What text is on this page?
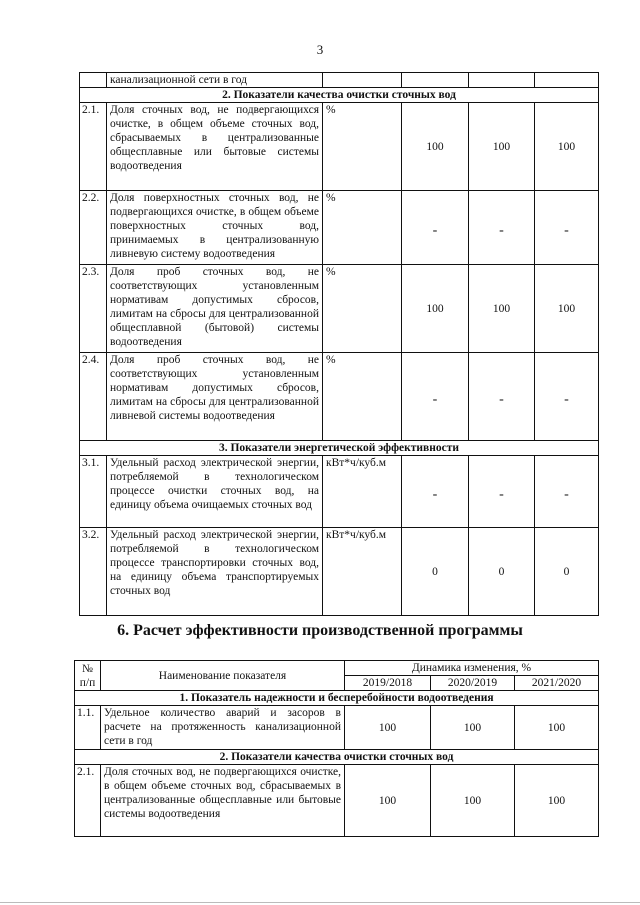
3
	канализационной сети в год				
2. Показатели качества очистки сточных вод					
2.1.	Доля сточных вод, не подвергающихся очистке, в общем объеме сточных вод, сбрасываемых в централизованные общесплавные или бытовые системы водоотведения	%	100	100	100
2.2.	Доля поверхностных сточных вод, не подвергающихся очистке, в общем объеме поверхностных сточных вод, принимаемых в централизованную ливневую систему водоотведения	%	-	-	-
2.3.	Доля проб сточных вод, не соответствующих установленным нормативам допустимых сбросов, лимитам на сбросы для централизованной общесплавной (бытовой) системы водоотведения	%	100	100	100
2.4.	Доля проб сточных вод, не соответствующих установленным нормативам допустимых сбросов, лимитам на сбросы для централизованной ливневой системы водоотведения	%	-	-	-
3. Показатели энергетической эффективности					
3.1.	Удельный расход электрической энергии, потребляемой в технологическом процессе очистки сточных вод, на единицу объема очищаемых сточных вод	кВт*ч/куб.м	-	-	-
3.2.	Удельный расход электрической энергии, потребляемой в технологическом процессе транспортировки сточных вод, на единицу объема транспортируемых сточных вод	кВт*ч/куб.м	0	0	0
6. Расчет эффективности производственной программы
№ п/п	Наименование показателя	Динамика изменения, %		
		2019/2018	2020/2019	2021/2020
1. Показатель надежности и бесперебойности водоотведения				
1.1.	Удельное количество аварий и засоров в расчете на протяженность канализационной сети в год	100	100	100
2. Показатели качества очистки сточных вод				
2.1.	Доля сточных вод, не подвергающихся очистке, в общем объеме сточных вод, сбрасываемых в централизованные общесплавные или бытовые системы водоотведения	100	100	100
